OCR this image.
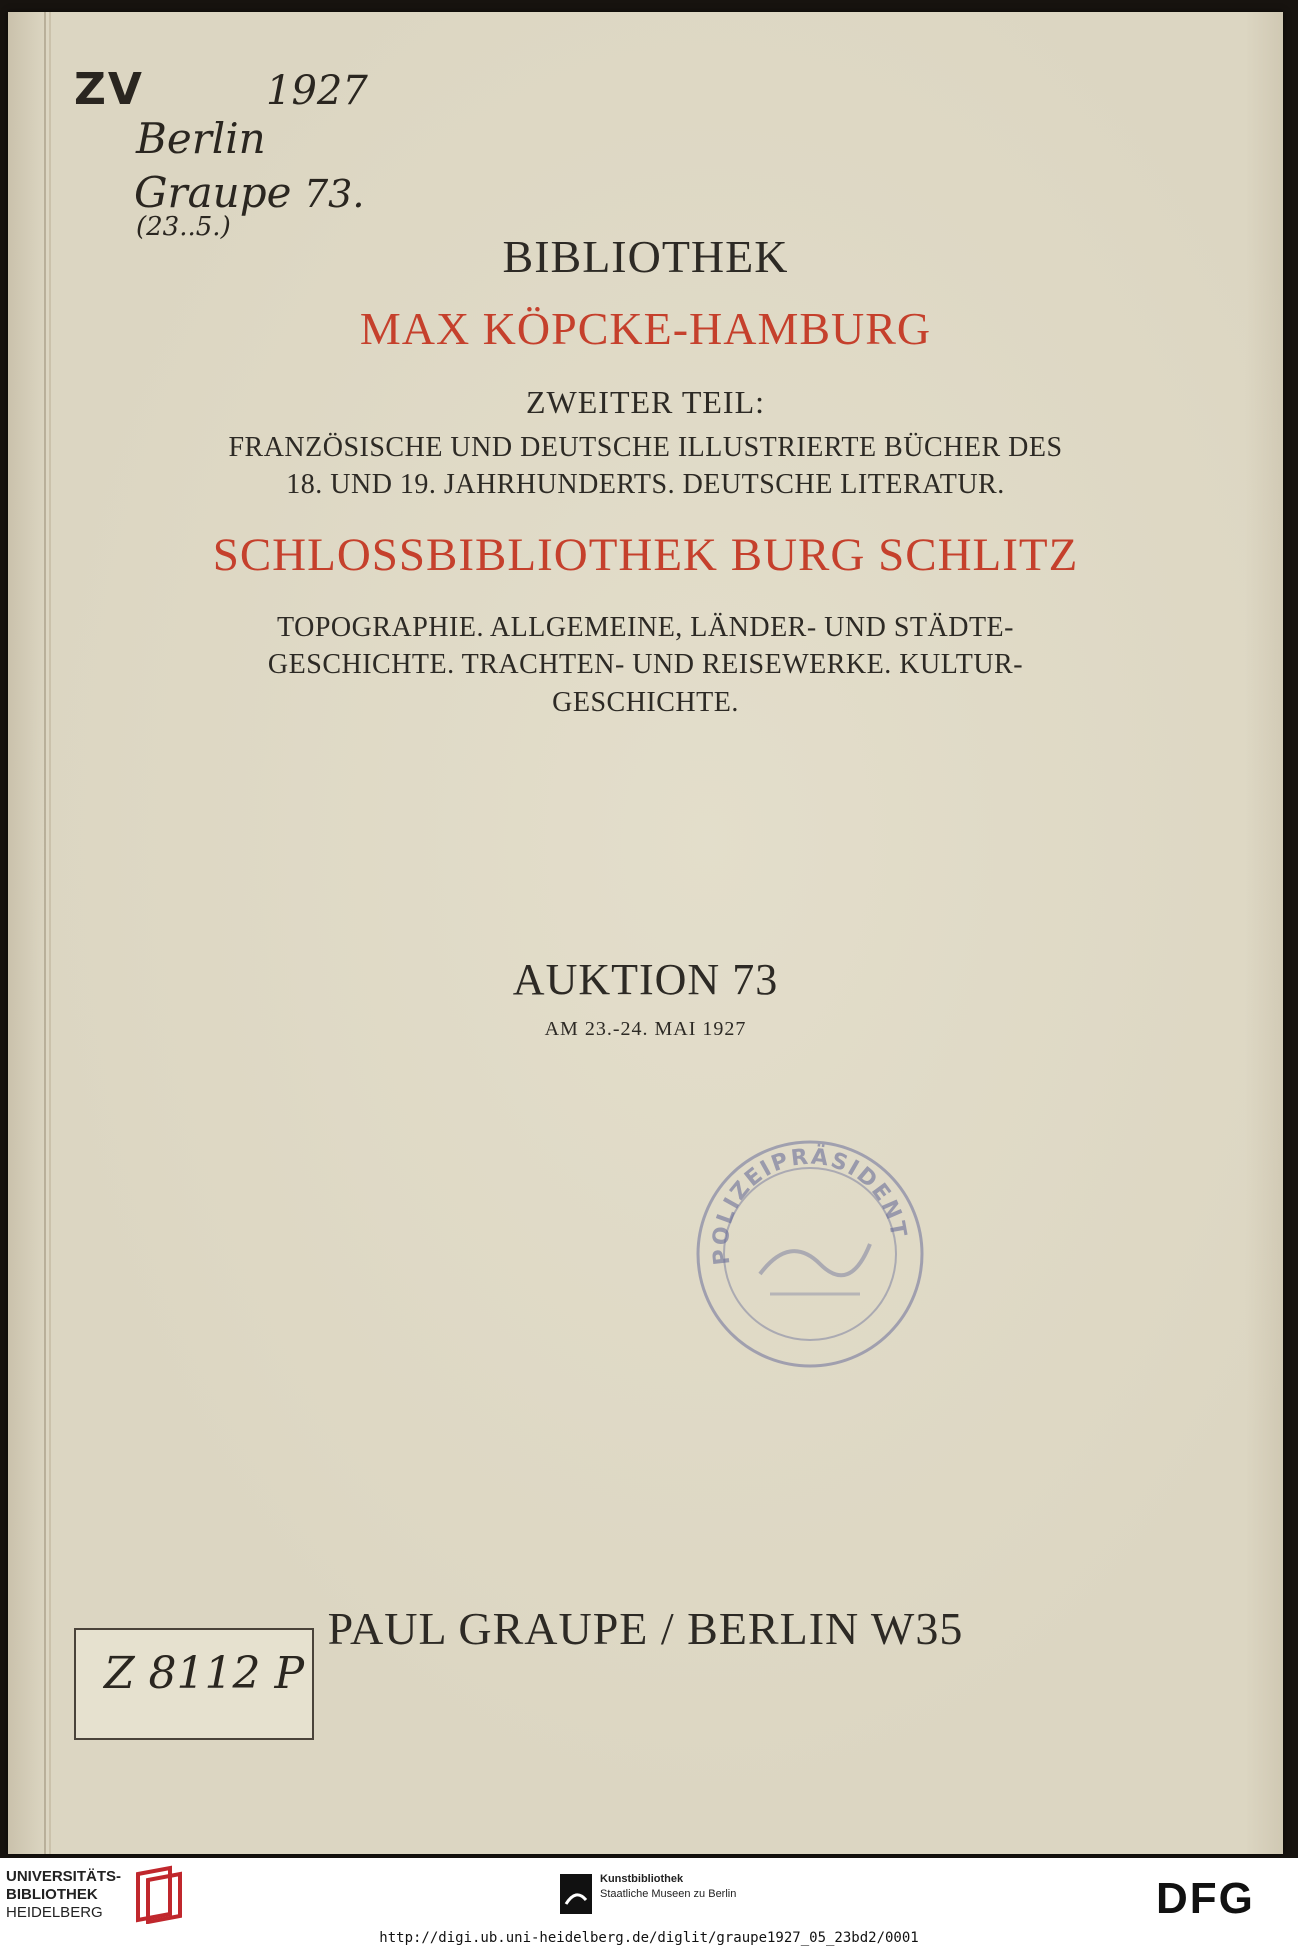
ZV	1927
Berlin
Graupe 73.
(23..5.)
BIBLIOTHEK
MAX KÖPCKE-HAMBURG
ZWEITER TEIL:
FRANZÖSISCHE UND DEUTSCHE ILLUSTRIERTE BÜCHER DES
18. UND 19. JAHRHUNDERTS. DEUTSCHE LITERATUR.
SCHLOSSBIBLIOTHEK BURG SCHLITZ
TOPOGRAPHIE. ALLGEMEINE, LÄNDER- UND STÄDTE-
GESCHICHTE. TRACHTEN- UND REISEWERKE. KULTUR-
GESCHICHTE.
AUKTION 73
AM 23.-24. MAI 1927
POLIZEIPRÄSIDENT
PAUL GRAUPE / BERLIN W35
Z 8112 P
UNIVERSITÄTS-
BIBLIOTHEK
HEIDELBERG
Kunstbibliothek
Staatliche Museen zu Berlin	DFG
http://digi.ub.uni-heidelberg.de/diglit/graupe1927_05_23bd2/0001
